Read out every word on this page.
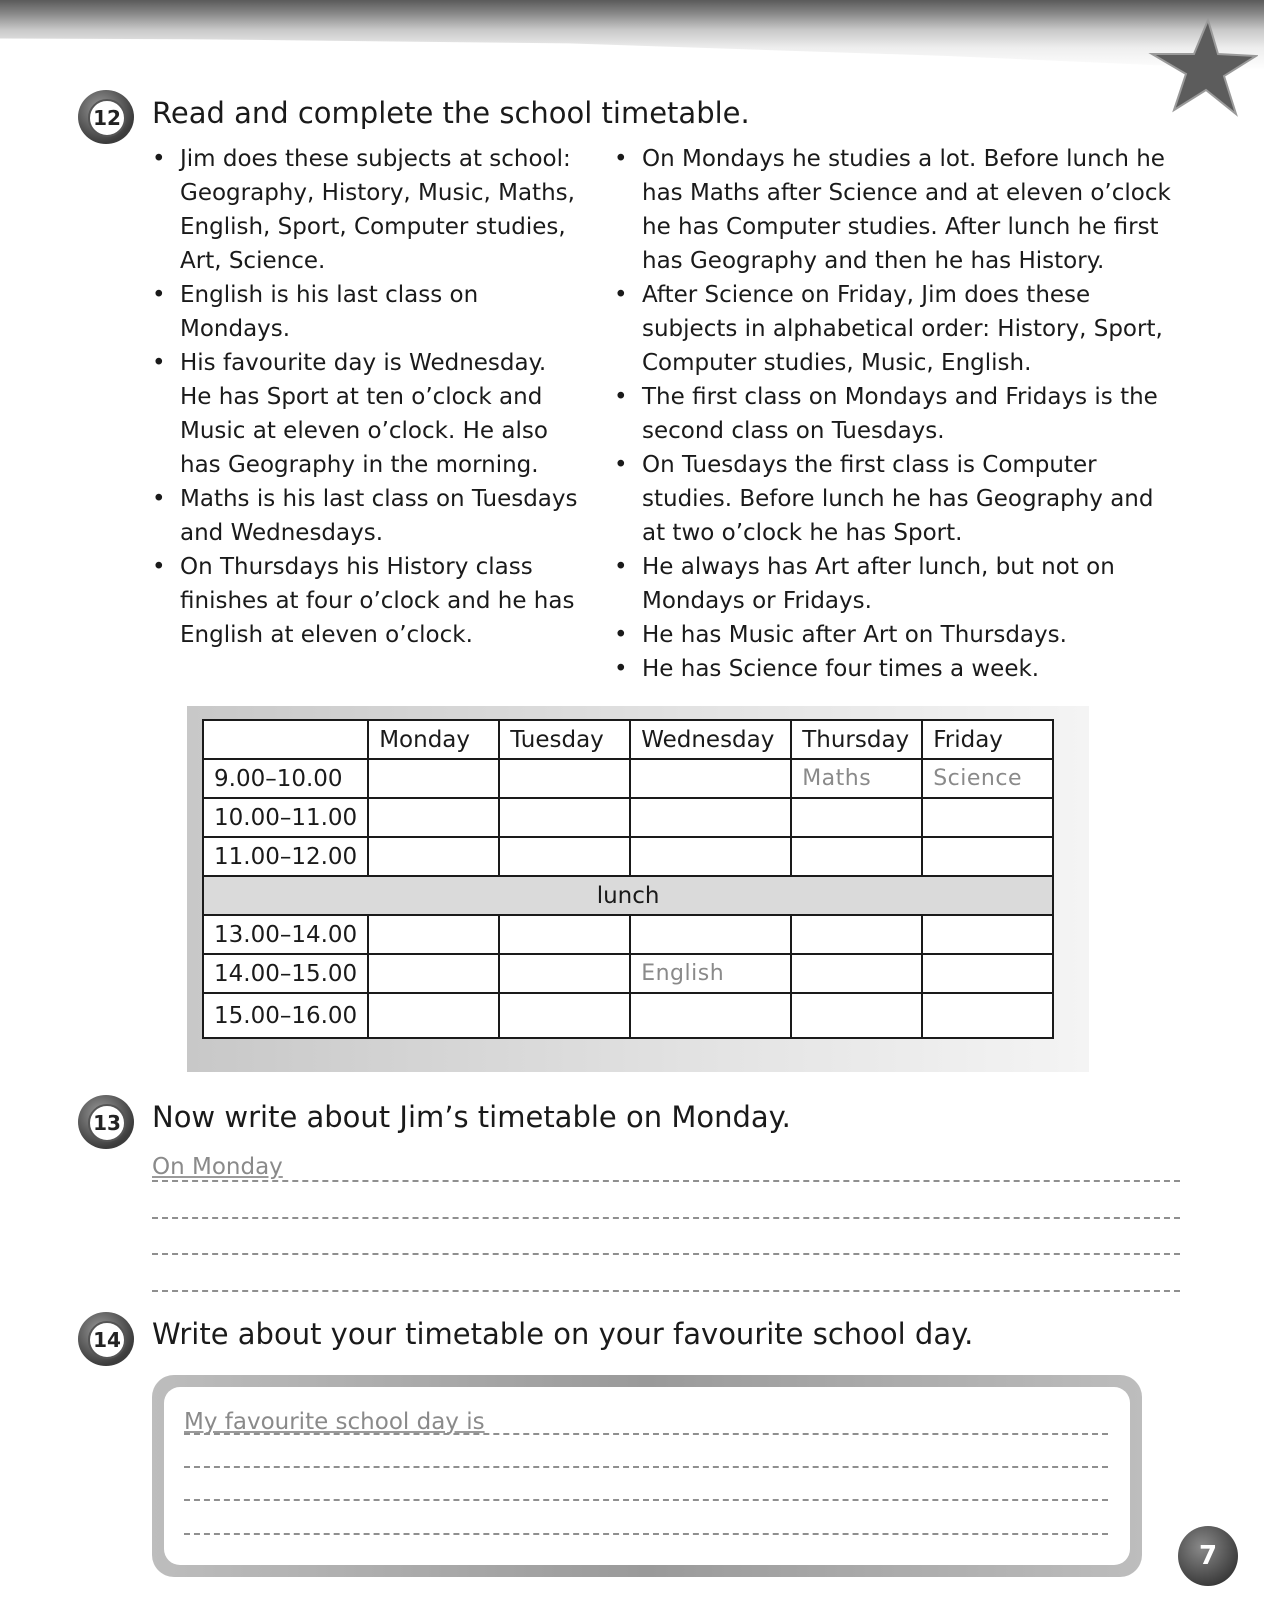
12 Read and complete the school timetable.
• Jim does these subjects at school: Geography, History, Music, Maths, English, Sport, Computer studies, Art, Science.
• English is his last class on Mondays.
• His favourite day is Wednesday. He has Sport at ten o’clock and Music at eleven o’clock. He also has Geography in the morning.
• Maths is his last class on Tuesdays and Wednesdays.
• On Thursdays his History class finishes at four o’clock and he has English at eleven o’clock.
• On Mondays he studies a lot. Before lunch he has Maths after Science and at eleven o’clock he has Computer studies. After lunch he first has Geography and then he has History.
• After Science on Friday, Jim does these subjects in alphabetical order: History, Sport, Computer studies, Music, English.
• The first class on Mondays and Fridays is the second class on Tuesdays.
• On Tuesdays the first class is Computer studies. Before lunch he has Geography and at two o’clock he has Sport.
• He always has Art after lunch, but not on Mondays or Fridays.
• He has Music after Art on Thursdays.
• He has Science four times a week.
	Monday	Tuesday	Wednesday	Thursday	Friday
9.00–10.00				Maths	Science
10.00–11.00					
11.00–12.00					
lunch					
13.00–14.00					
14.00–15.00			English		
15.00–16.00					
13 Now write about Jim’s timetable on Monday.
On Monday
14 Write about your timetable on your favourite school day.
My favourite school day is
7
